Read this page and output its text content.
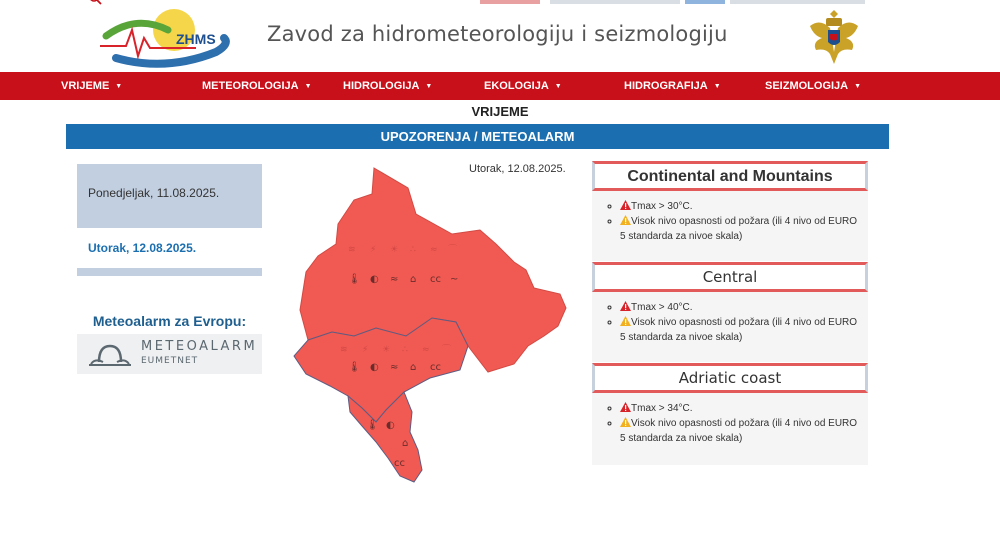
ZHMS Zavod za hidrometeorologiju i seizmologiju
VRIJEME ▼	METEOROLOGIJA ▼	HIDROLOGIJA ▼	EKOLOGIJA ▼	HIDROGRAFIJA ▼	SEIZMOLOGIJA ▼
VRIJEME
UPOZORENJA / METEOALARM
Ponedjeljak, 11.08.2025.
Utorak, 12.08.2025.
Meteoalarm za Evropu:
METEOALARM
EUMETNET
Utorak, 12.08.2025.
≋ ⚡ ☀ ∴ ≈ ⌒
🌡 ◐ ≈ ⌂ cc ~
≋ ⚡ ☀ ∴ ≈ ⌒
🌡 ◐ ≈ ⌂ cc
🌡 ◐
⌂
cc
Continental and Mountains
◦ Tmax > 30°C.
◦ Visok nivo opasnosti od požara (ili 4 nivo od EURO 5 standarda za nivoe skala)
Central
◦ Tmax > 40°C.
◦ Visok nivo opasnosti od požara (ili 4 nivo od EURO 5 standarda za nivoe skala)
Adriatic coast
◦ Tmax > 34°C.
◦ Visok nivo opasnosti od požara (ili 4 nivo od EURO 5 standarda za nivoe skala)
